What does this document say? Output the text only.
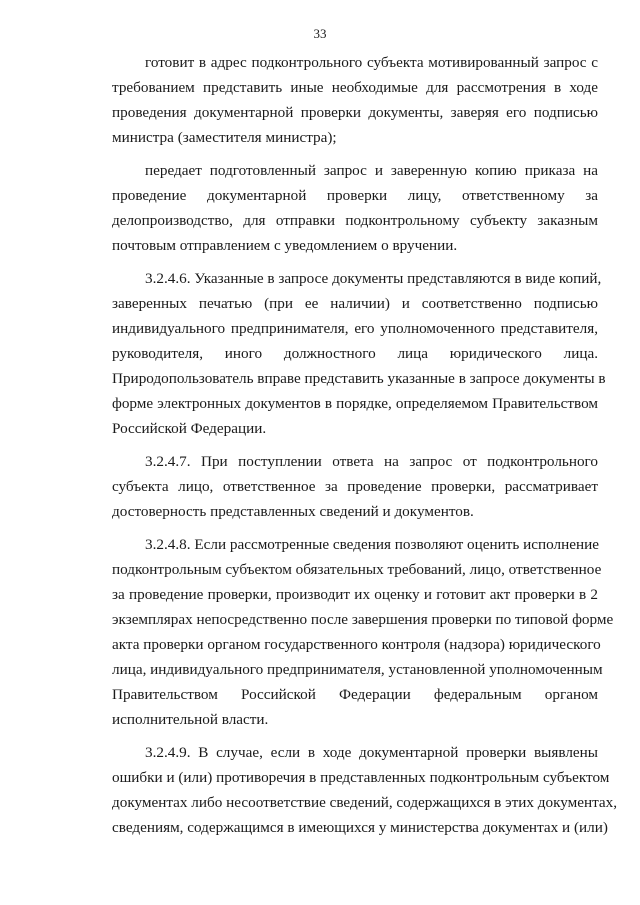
33
готовит в адрес подконтрольного субъекта мотивированный запрос с
требованием представить иные необходимые для рассмотрения в ходе
проведения документарной проверки документы, заверяя его подписью
министра (заместителя министра);
передает подготовленный запрос и заверенную копию приказа на
проведение документарной проверки лицу, ответственному за
делопроизводство, для отправки подконтрольному субъекту заказным
почтовым отправлением с уведомлением о вручении.
3.2.4.6. Указанные в запросе документы представляются в виде копий,
заверенных печатью (при ее наличии) и соответственно подписью
индивидуального предпринимателя, его уполномоченного представителя,
руководителя, иного должностного лица юридического лица.
Природопользователь вправе представить указанные в запросе документы в
форме электронных документов в порядке, определяемом Правительством
Российской Федерации.
3.2.4.7. При поступлении ответа на запрос от подконтрольного
субъекта лицо, ответственное за проведение проверки, рассматривает
достоверность представленных сведений и документов.
3.2.4.8. Если рассмотренные сведения позволяют оценить исполнение
подконтрольным субъектом обязательных требований, лицо, ответственное
за проведение проверки, производит их оценку и готовит акт проверки в 2
экземплярах непосредственно после завершения проверки по типовой форме
акта проверки органом государственного контроля (надзора) юридического
лица, индивидуального предпринимателя, установленной уполномоченным
Правительством Российской Федерации федеральным органом
исполнительной власти.
3.2.4.9. В случае, если в ходе документарной проверки выявлены
ошибки и (или) противоречия в представленных подконтрольным субъектом
документах либо несоответствие сведений, содержащихся в этих документах,
сведениям, содержащимся в имеющихся у министерства документах и (или)
